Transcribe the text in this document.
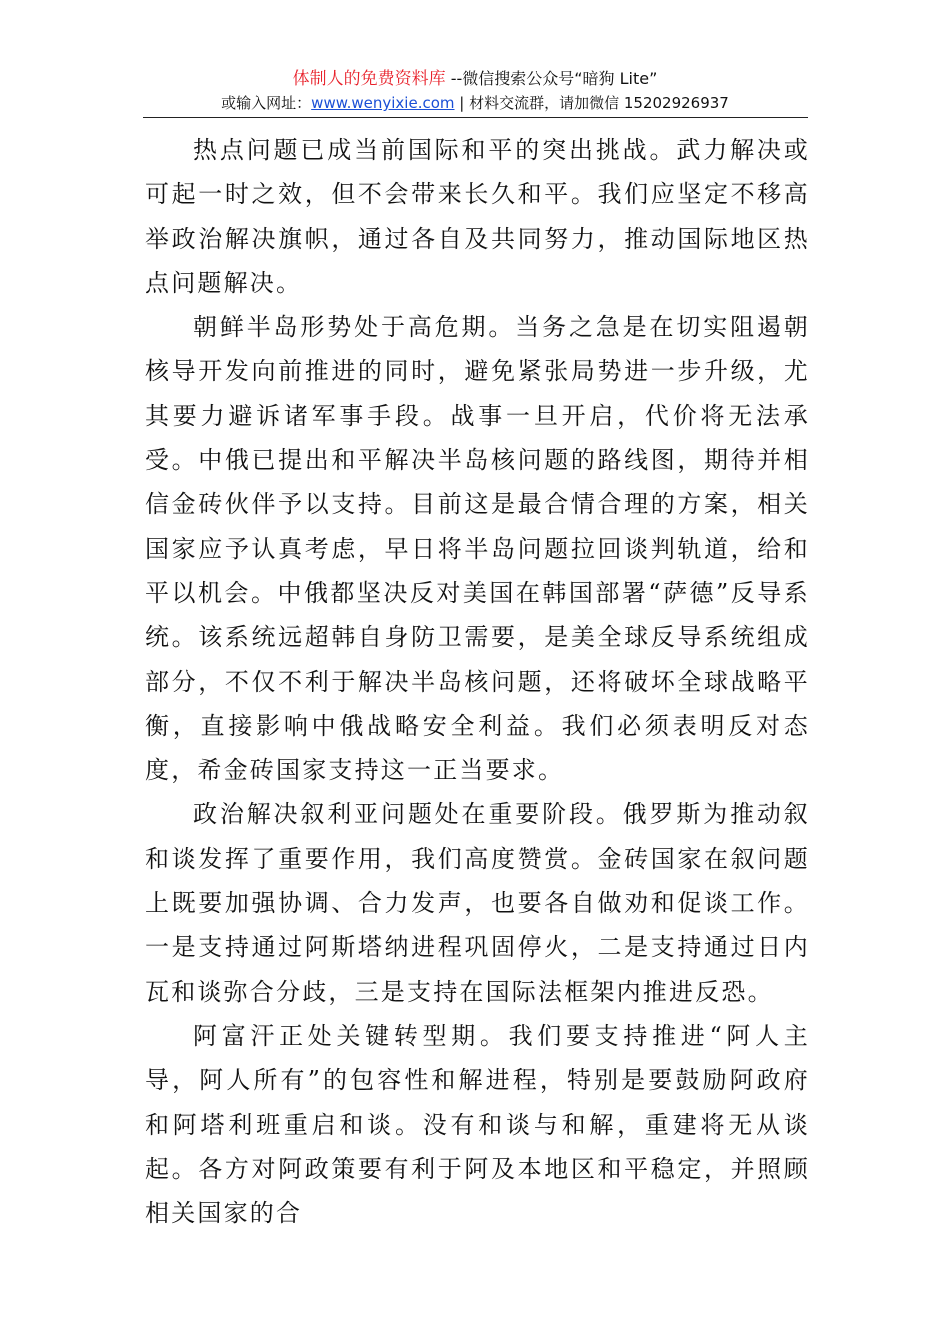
体制人的免费资料库 --微信搜索公众号“暗狗 Lite”
或输入网址：www.wenyixie.com | 材料交流群，请加微信 15202926937

热点问题已成当前国际和平的突出挑战。武力解决或可起一时之效，但不会带来长久和平。我们应坚定不移高举政治解决旗帜，通过各自及共同努力，推动国际地区热点问题解决。

朝鲜半岛形势处于高危期。当务之急是在切实阻遏朝核导开发向前推进的同时，避免紧张局势进一步升级，尤其要力避诉诸军事手段。战事一旦开启，代价将无法承受。中俄已提出和平解决半岛核问题的路线图，期待并相信金砖伙伴予以支持。目前这是最合情合理的方案，相关国家应予认真考虑，早日将半岛问题拉回谈判轨道，给和平以机会。中俄都坚决反对美国在韩国部署“萨德”反导系统。该系统远超韩自身防卫需要，是美全球反导系统组成部分，不仅不利于解决半岛核问题，还将破坏全球战略平衡，直接影响中俄战略安全利益。我们必须表明反对态度，希金砖国家支持这一正当要求。

政治解决叙利亚问题处在重要阶段。俄罗斯为推动叙和谈发挥了重要作用，我们高度赞赏。金砖国家在叙问题上既要加强协调、合力发声，也要各自做劝和促谈工作。一是支持通过阿斯塔纳进程巩固停火，二是支持通过日内瓦和谈弥合分歧，三是支持在国际法框架内推进反恐。

阿富汗正处关键转型期。我们要支持推进“阿人主导，阿人所有”的包容性和解进程，特别是要鼓励阿政府和阿塔利班重启和谈。没有和谈与和解，重建将无从谈起。各方对阿政策要有利于阿及本地区和平稳定，并照顾相关国家的合
